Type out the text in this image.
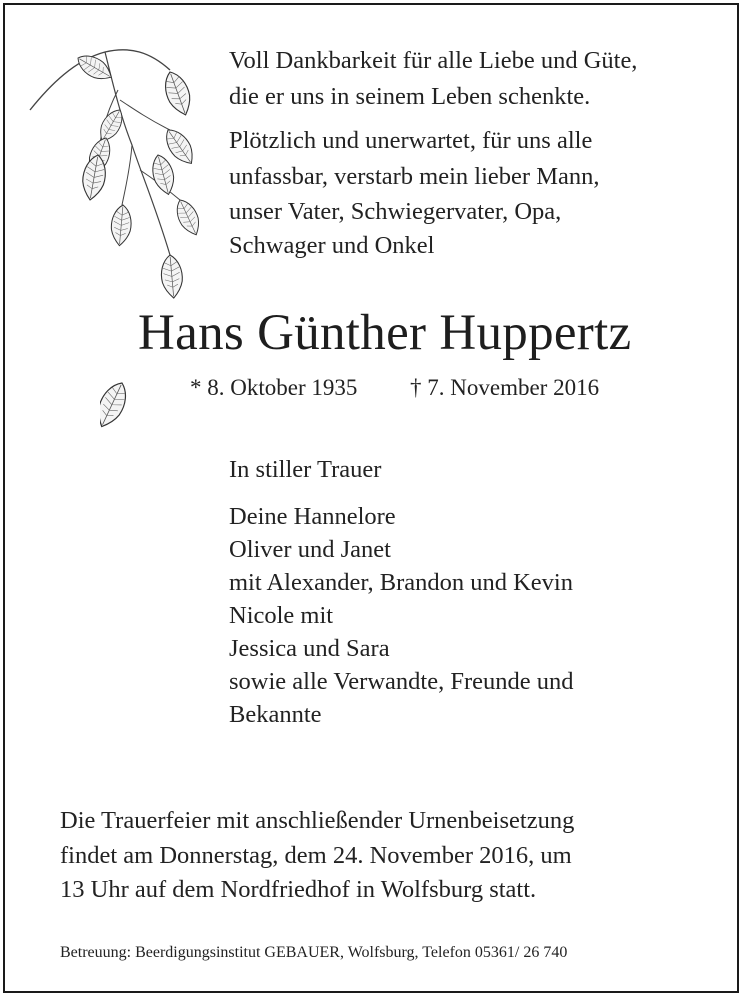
Voll Dankbarkeit für alle Liebe und Güte,
die er uns in seinem Leben schenkte.
Plötzlich und unerwartet, für uns alle
unfassbar, verstarb mein lieber Mann,
unser Vater, Schwiegervater, Opa,
Schwager und Onkel
Hans Günther Huppertz
* 8. Oktober 1935 † 7. November 2016
In stiller Trauer
Deine Hannelore
Oliver und Janet
mit Alexander, Brandon und Kevin
Nicole mit
Jessica und Sara
sowie alle Verwandte, Freunde und
Bekannte
Die Trauerfeier mit anschließender Urnenbeisetzung
findet am Donnerstag, dem 24. November 2016, um
13 Uhr auf dem Nordfriedhof in Wolfsburg statt.
Betreuung: Beerdigungsinstitut GEBAUER, Wolfsburg, Telefon 05361/ 26 740
